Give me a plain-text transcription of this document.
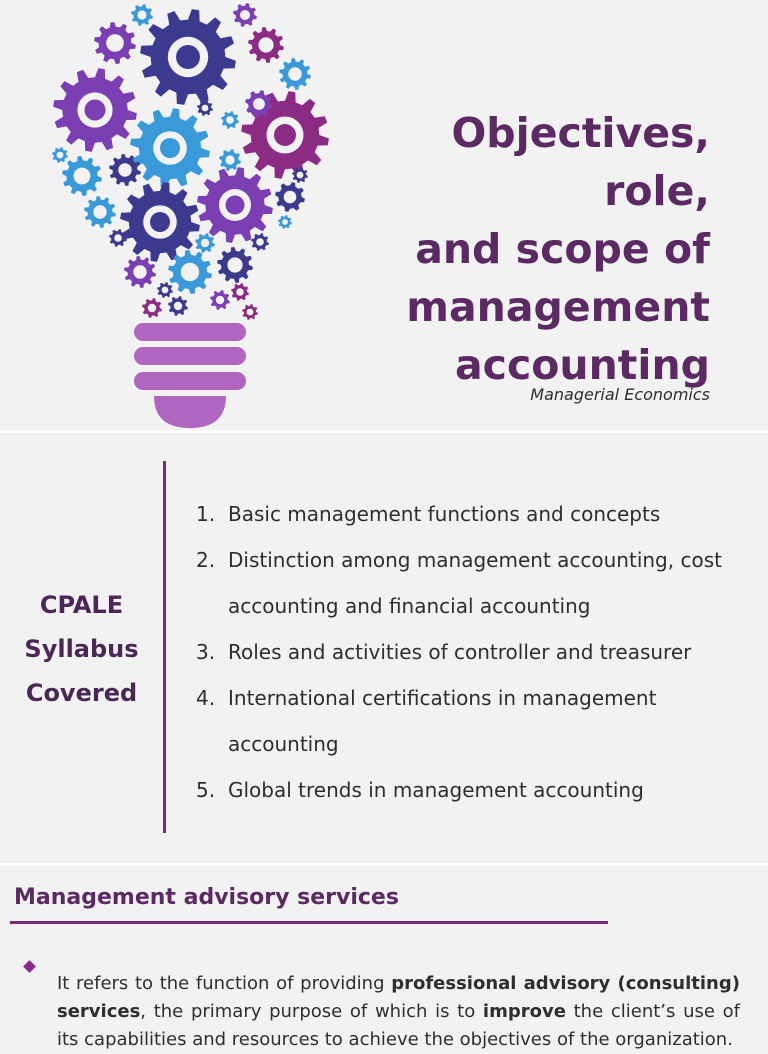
Objectives, role,
and scope of
management
accounting
Managerial Economics
CPALE
Syllabus
Covered
1. Basic management functions and concepts
2. Distinction among management accounting, cost accounting and financial accounting
3. Roles and activities of controller and treasurer
4. International certifications in management accounting
5. Global trends in management accounting
Management advisory services

It refers to the function of providing professional advisory (consulting) services, the primary purpose of which is to improve the client’s use of its capabilities and resources to achieve the objectives of the organization.
